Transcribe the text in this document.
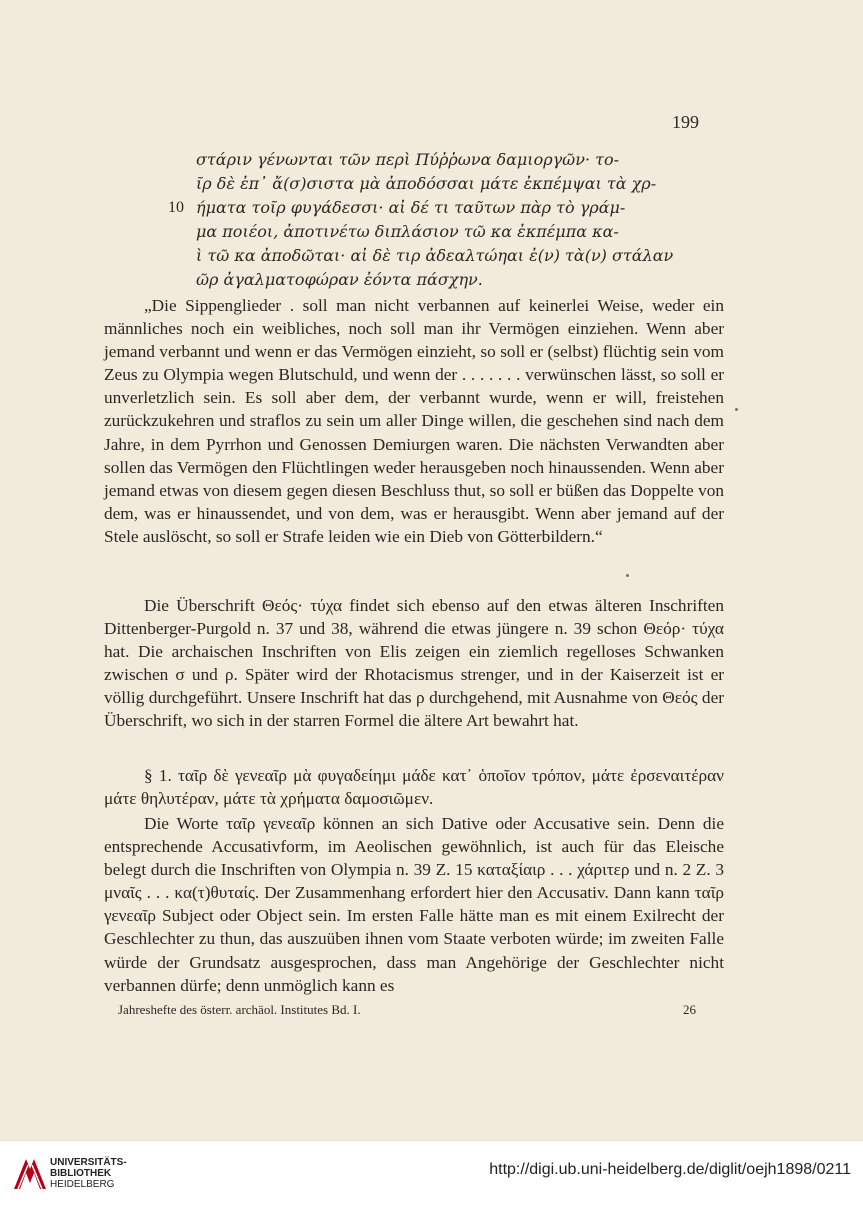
199
στάριν γένωνται τῶν περὶ Πύῤῥωνα δαμιοργῶν· το-
ῖρ δὲ ἐπ᾿ ἄ(σ)σιστα μὰ ἀποδόσσαι μάτε ἐκπέμψαι τὰ χρ-
10 ήματα τοῖρ φυγάδεσσι· αἰ δέ τι ταῦτων πὰρ τὸ γράμ-
μα ποιέοι, ἀποτινέτω διπλάσιον τῶ κα ἐκπέμπα κα-
ὶ τῶ κα ἀποδῶται· αἰ δὲ τιρ ἀδεαλτώηαι ἐ(ν) τὰ(ν) στάλαν
ῶρ ἀγαλματοφώραν ἐόντα πάσχην.

„Die Sippenglieder . soll man nicht verbannen auf keinerlei Weise, weder ein männliches noch ein weibliches, noch soll man ihr Vermögen einziehen. Wenn aber jemand verbannt und wenn er das Vermögen einzieht, so soll er (selbst) flüchtig sein vom Zeus zu Olympia wegen Blutschuld, und wenn der . . . . . . . verwünschen lässt, so soll er unverletzlich sein. Es soll aber dem, der verbannt wurde, wenn er will, freistehen zurückzukehren und straflos zu sein um aller Dinge willen, die geschehen sind nach dem Jahre, in dem Pyrrhon und Genossen Demiurgen waren. Die nächsten Verwandten aber sollen das Vermögen den Flüchtlingen weder herausgeben noch hinaussenden. Wenn aber jemand etwas von diesem gegen diesen Beschluss thut, so soll er büßen das Doppelte von dem, was er hinaussendet, und von dem, was er herausgibt. Wenn aber jemand auf der Stele auslöscht, so soll er Strafe leiden wie ein Dieb von Götterbildern.“

Die Überschrift Θεός· τύχα findet sich ebenso auf den etwas älteren Inschriften Dittenberger-Purgold n. 37 und 38, während die etwas jüngere n. 39 schon Θεόρ· τύχα hat. Die archaischen Inschriften von Elis zeigen ein ziemlich regelloses Schwanken zwischen σ und ρ. Später wird der Rhotacismus strenger, und in der Kaiserzeit ist er völlig durchgeführt. Unsere Inschrift hat das ρ durchgehend, mit Ausnahme von Θεός der Überschrift, wo sich in der starren Formel die ältere Art bewahrt hat.

§ 1. ταῖρ δὲ γενεαῖρ μὰ φυγαδείημι μάδε κατ᾿ ὁποῖον τρόπον, μάτε ἐρσεναιτέραν μάτε θηλυτέραν, μάτε τὰ χρήματα δαμοσιῶμεν.

Die Worte ταῖρ γενεαῖρ können an sich Dative oder Accusative sein. Denn die entsprechende Accusativform, im Aeolischen gewöhnlich, ist auch für das Eleische belegt durch die Inschriften von Olympia n. 39 Z. 15 καταξίαιρ . . . χάριτερ und n. 2 Z. 3 μναῖς . . . κα(τ)θυταίς. Der Zusammenhang erfordert hier den Accusativ. Dann kann ταῖρ γενεαῖρ Subject oder Object sein. Im ersten Falle hätte man es mit einem Exilrecht der Geschlechter zu thun, das auszuüben ihnen vom Staate verboten würde; im zweiten Falle würde der Grundsatz ausgesprochen, dass man Angehörige der Geschlechter nicht verbannen dürfe; denn unmöglich kann es

Jahreshefte des österr. archäol. Institutes Bd. I.	26
UNIVERSITÄTS-
BIBLIOTHEK
HEIDELBERG
http://digi.ub.uni-heidelberg.de/diglit/oejh1898/0211
